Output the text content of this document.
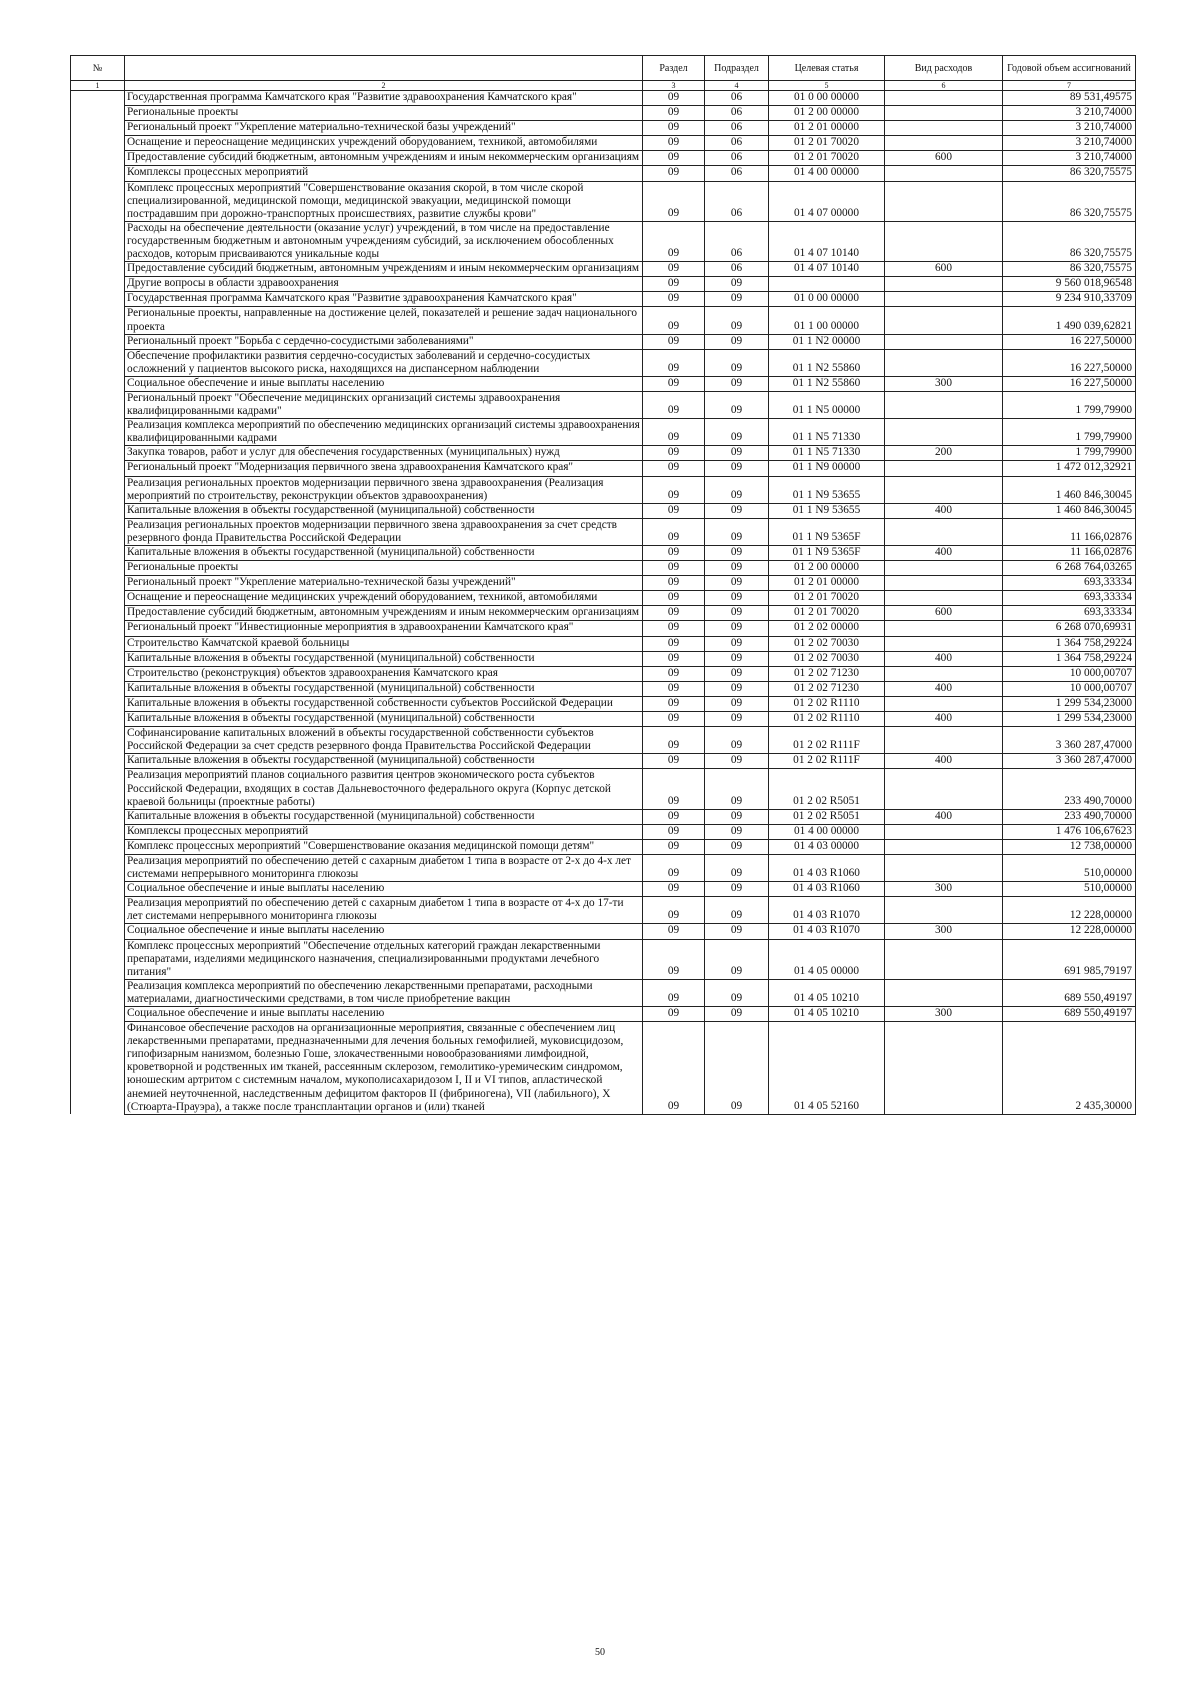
№		Раздел	Подраздел	Целевая статья	Вид расходов	Годовой объем ассигнований
1	2	3	4	5	6	7
	Государственная программа Камчатского края "Развитие здравоохранения Камчатского края"	09	06	01 0 00 00000		89 531,49575
	Региональные проекты	09	06	01 2 00 00000		3 210,74000
	Региональный проект "Укрепление материально-технической базы учреждений"	09	06	01 2 01 00000		3 210,74000
	Оснащение и переоснащение медицинских учреждений оборудованием, техникой, автомобилями	09	06	01 2 01 70020		3 210,74000
	Предоставление субсидий бюджетным, автономным учреждениям и иным некоммерческим организациям	09	06	01 2 01 70020	600	3 210,74000
	Комплексы процессных мероприятий	09	06	01 4 00 00000		86 320,75575
	Комплекс процессных мероприятий "Совершенствование оказания скорой, в том числе скорой специализированной, медицинской помощи, медицинской эвакуации, медицинской помощи пострадавшим при дорожно-транспортных происшествиях, развитие службы крови"	09	06	01 4 07 00000		86 320,75575
	Расходы на обеспечение деятельности (оказание услуг) учреждений, в том числе на предоставление государственным бюджетным и автономным учреждениям субсидий, за исключением обособленных расходов, которым присваиваются уникальные коды	09	06	01 4 07 10140		86 320,75575
	Предоставление субсидий бюджетным, автономным учреждениям и иным некоммерческим организациям	09	06	01 4 07 10140	600	86 320,75575
	Другие вопросы в области здравоохранения	09	09			9 560 018,96548
	Государственная программа Камчатского края "Развитие здравоохранения Камчатского края"	09	09	01 0 00 00000		9 234 910,33709
	Региональные проекты, направленные на достижение целей, показателей и решение задач национального проекта	09	09	01 1 00 00000		1 490 039,62821
	Региональный проект "Борьба с сердечно-сосудистыми заболеваниями"	09	09	01 1 N2 00000		16 227,50000
	Обеспечение профилактики развития сердечно-сосудистых заболеваний и сердечно-сосудистых осложнений у пациентов высокого риска, находящихся на диспансерном наблюдении	09	09	01 1 N2 55860		16 227,50000
	Социальное обеспечение и иные выплаты населению	09	09	01 1 N2 55860	300	16 227,50000
	Региональный проект "Обеспечение медицинских организаций системы здравоохранения квалифицированными кадрами"	09	09	01 1 N5 00000		1 799,79900
	Реализация комплекса мероприятий по обеспечению медицинских организаций системы здравоохранения квалифицированными кадрами	09	09	01 1 N5 71330		1 799,79900
	Закупка товаров, работ и услуг для обеспечения государственных (муниципальных) нужд	09	09	01 1 N5 71330	200	1 799,79900
	Региональный проект "Модернизация первичного звена здравоохранения Камчатского края"	09	09	01 1 N9 00000		1 472 012,32921
	Реализация региональных проектов модернизации первичного звена здравоохранения (Реализация мероприятий по строительству, реконструкции объектов здравоохранения)	09	09	01 1 N9 53655		1 460 846,30045
	Капитальные вложения в объекты государственной (муниципальной) собственности	09	09	01 1 N9 53655	400	1 460 846,30045
	Реализация региональных проектов модернизации первичного звена здравоохранения за счет средств резервного фонда Правительства Российской Федерации	09	09	01 1 N9 5365F		11 166,02876
	Капитальные вложения в объекты государственной (муниципальной) собственности	09	09	01 1 N9 5365F	400	11 166,02876
	Региональные проекты	09	09	01 2 00 00000		6 268 764,03265
	Региональный проект "Укрепление материально-технической базы учреждений"	09	09	01 2 01 00000		693,33334
	Оснащение и переоснащение медицинских учреждений оборудованием, техникой, автомобилями	09	09	01 2 01 70020		693,33334
	Предоставление субсидий бюджетным, автономным учреждениям и иным некоммерческим организациям	09	09	01 2 01 70020	600	693,33334
	Региональный проект "Инвестиционные мероприятия в здравоохранении Камчатского края"	09	09	01 2 02 00000		6 268 070,69931
	Строительство Камчатской краевой больницы	09	09	01 2 02 70030		1 364 758,29224
	Капитальные вложения в объекты государственной (муниципальной) собственности	09	09	01 2 02 70030	400	1 364 758,29224
	Строительство (реконструкция) объектов здравоохранения Камчатского края	09	09	01 2 02 71230		10 000,00707
	Капитальные вложения в объекты государственной (муниципальной) собственности	09	09	01 2 02 71230	400	10 000,00707
	Капитальные вложения в объекты государственной собственности субъектов Российской Федерации	09	09	01 2 02 R1110		1 299 534,23000
	Капитальные вложения в объекты государственной (муниципальной) собственности	09	09	01 2 02 R1110	400	1 299 534,23000
	Софинансирование капитальных вложений в объекты государственной собственности субъектов Российской Федерации за счет средств резервного фонда Правительства Российской Федерации	09	09	01 2 02 R111F		3 360 287,47000
	Капитальные вложения в объекты государственной (муниципальной) собственности	09	09	01 2 02 R111F	400	3 360 287,47000
	Реализация мероприятий планов социального развития центров экономического роста субъектов Российской Федерации, входящих в состав Дальневосточного федерального округа (Корпус детской краевой больницы (проектные работы)	09	09	01 2 02 R5051		233 490,70000
	Капитальные вложения в объекты государственной (муниципальной) собственности	09	09	01 2 02 R5051	400	233 490,70000
	Комплексы процессных мероприятий	09	09	01 4 00 00000		1 476 106,67623
	Комплекс процессных мероприятий "Совершенствование оказания медицинской помощи детям"	09	09	01 4 03 00000		12 738,00000
	Реализация мероприятий по обеспечению детей с сахарным диабетом 1 типа в возрасте от 2-х до 4-х лет системами непрерывного мониторинга глюкозы	09	09	01 4 03 R1060		510,00000
	Социальное обеспечение и иные выплаты населению	09	09	01 4 03 R1060	300	510,00000
	Реализация мероприятий по обеспечению детей с сахарным диабетом 1 типа в возрасте от 4-х до 17-ти лет системами непрерывного мониторинга глюкозы	09	09	01 4 03 R1070		12 228,00000
	Социальное обеспечение и иные выплаты населению	09	09	01 4 03 R1070	300	12 228,00000
	Комплекс процессных мероприятий "Обеспечение отдельных категорий граждан лекарственными препаратами, изделиями медицинского назначения, специализированными продуктами лечебного питания"	09	09	01 4 05 00000		691 985,79197
	Реализация комплекса мероприятий по обеспечению лекарственными препаратами, расходными материалами, диагностическими средствами, в том числе приобретение вакцин	09	09	01 4 05 10210		689 550,49197
	Социальное обеспечение и иные выплаты населению	09	09	01 4 05 10210	300	689 550,49197
	Финансовое обеспечение расходов на организационные мероприятия, связанные с обеспечением лиц лекарственными препаратами, предназначенными для лечения больных гемофилией, муковисцидозом, гипофизарным нанизмом, болезнью Гоше, злокачественными новообразованиями лимфоидной, кроветворной и родственных им тканей, рассеянным склерозом, гемолитико-уремическим синдромом, юношеским артритом с системным началом, мукополисахаридозом I, II и VI типов, апластической анемией неуточненной, наследственным дефицитом факторов II (фибриногена), VII (лабильного), X (Стюарта-Прауэра), а также после трансплантации органов и (или) тканей	09	09	01 4 05 52160		2 435,30000
50
